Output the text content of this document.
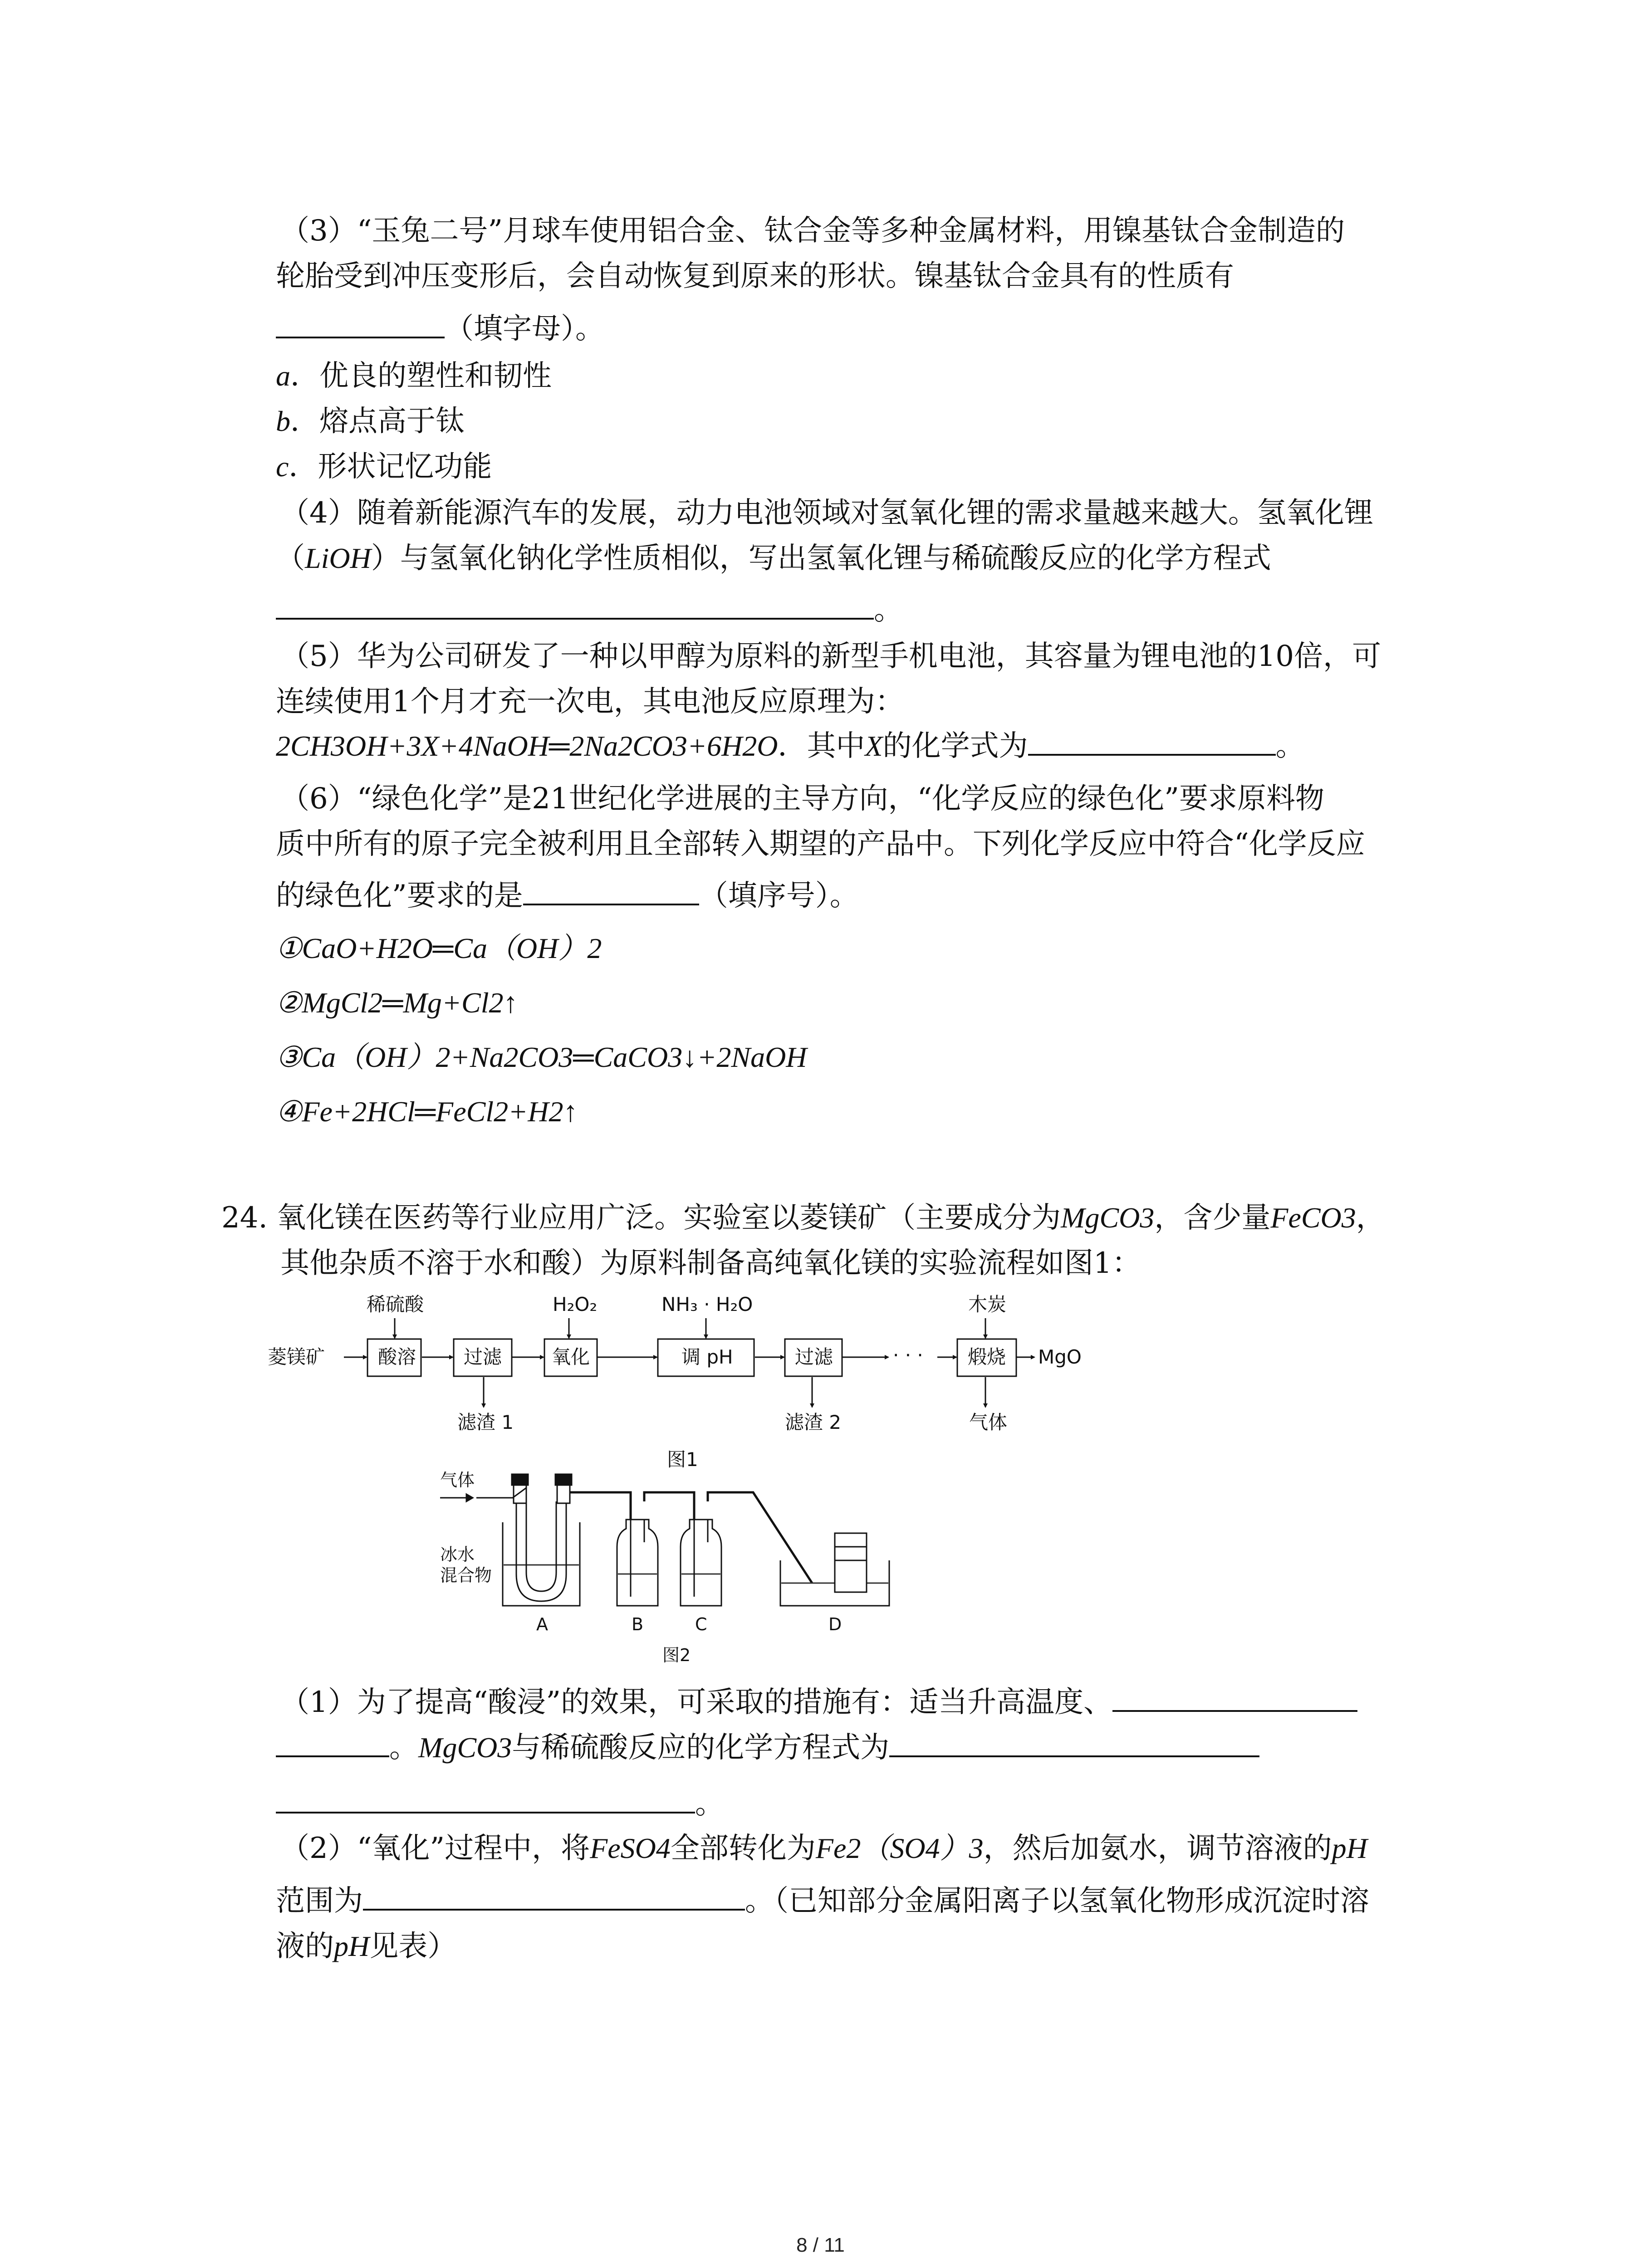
（3）“玉兔二号”月球车使用铝合金、钛合金等多种金属材料，用镍基钛合金制造的
轮胎受到冲压变形后，会自动恢复到原来的形状。镍基钛合金具有的性质有
（填字母）。
a．优良的塑性和韧性
b．熔点高于钛
c．形状记忆功能
（4）随着新能源汽车的发展，动力电池领域对氢氧化锂的需求量越来越大。氢氧化锂
（LiOH）与氢氧化钠化学性质相似，写出氢氧化锂与稀硫酸反应的化学方程式
。
（5）华为公司研发了一种以甲醇为原料的新型手机电池，其容量为锂电池的10倍，可
连续使用1个月才充一次电，其电池反应原理为：
2CH3OH+3X+4NaOH═2Na2CO3+6H2O．其中X的化学式为	。
（6）“绿色化学”是21世纪化学进展的主导方向，“化学反应的绿色化”要求原料物
质中所有的原子完全被利用且全部转入期望的产品中。下列化学反应中符合“化学反应
的绿色化”要求的是	（填序号）。
①CaO+H2O═Ca（OH）2
②MgCl2═Mg+Cl2↑
③Ca（OH）2+Na2CO3═CaCO3↓+2NaOH
④Fe+2HCl═FeCl2+H2↑
24. 氧化镁在医药等行业应用广泛。实验室以菱镁矿（主要成分为MgCO3，含少量FeCO3，
其他杂质不溶于水和酸）为原料制备高纯氧化镁的实验流程如图1：
菱镁矿
稀硫酸	H₂O₂	NH₃ · H₂O	木炭
酸溶 过滤	氧化	调 pH	过滤	煅烧
· · ·
滤渣 1	滤渣 2	气体
MgO
图1
气体
冰水
混合物
A	B	C	D
图2
（1）为了提高“酸浸”的效果，可采取的措施有：适当升高温度、
。MgCO3与稀硫酸反应的化学方程式为
。
（2）“氧化”过程中，将FeSO4全部转化为Fe2（SO4）3，然后加氨水，调节溶液的pH
范围为	。（已知部分金属阳离子以氢氧化物形成沉淀时溶
液的pH见表）
8 / 11
